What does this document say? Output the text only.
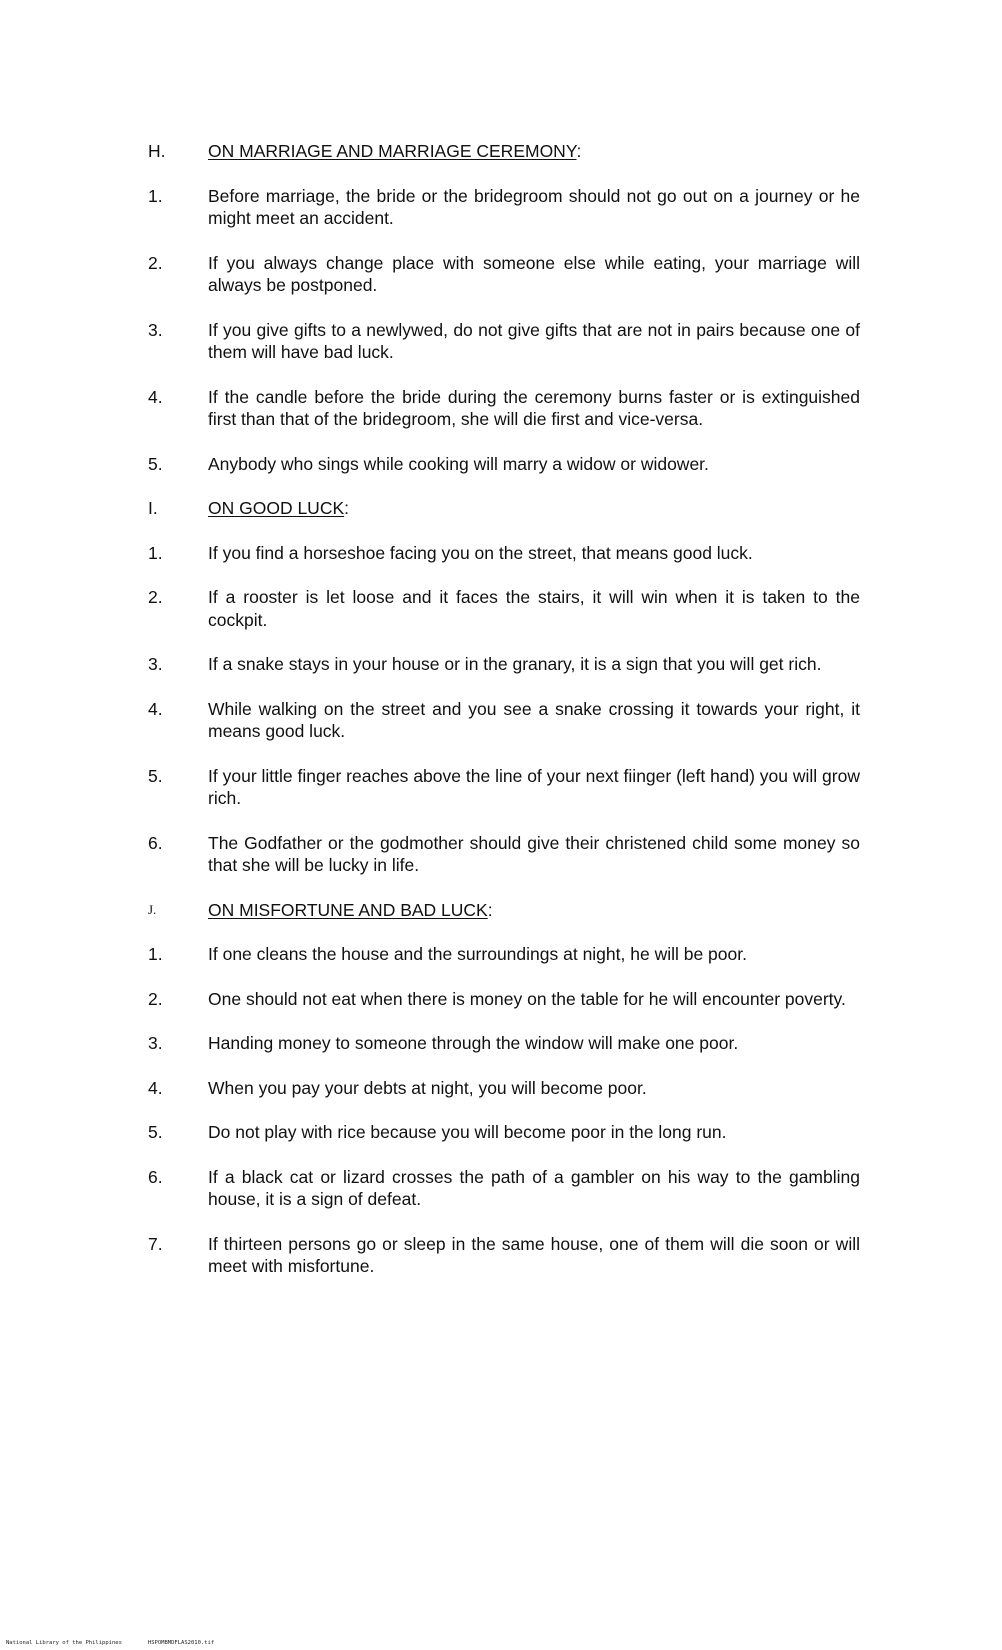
H.	ON MARRIAGE AND MARRIAGE CEREMONY:
1.	Before marriage, the bride or the bridegroom should not go out on a journey or he might meet an accident.
2.	If you always change place with someone else while eating, your marriage will always be postponed.
3.	If you give gifts to a newlywed, do not give gifts that are not in pairs because one of them will have bad luck.
4.	If the candle before the bride during the ceremony burns faster or is extinguished first than that of the bridegroom, she will die first and vice-versa.
5.	Anybody who sings while cooking will marry a widow or widower.
I.	ON GOOD LUCK:
1.	If you find a horseshoe facing you on the street, that means good luck.
2.	If a rooster is let loose and it faces the stairs, it will win when it is taken to the cockpit.
3.	If a snake stays in your house or in the granary, it is a sign that you will get rich.
4.	While walking on the street and you see a snake crossing it towards your right, it means good luck.
5.	If your little finger reaches above the line of your next fiinger (left hand) you will grow rich.
6.	The Godfather or the godmother should give their christened child some money so that she will be lucky in life.
J.	ON MISFORTUNE AND BAD LUCK:
1.	If one cleans the house and the surroundings at night, he will be poor.
2.	One should not eat when there is money on the table for he will encounter poverty.
3.	Handing money to someone through the window will make one poor.
4.	When you pay your debts at night, you will become poor.
5.	Do not play with rice because you will become poor in the long run.
6.	If a black cat or lizard crosses the path of a gambler on his way to the gambling house, it is a sign of defeat.
7.	If thirteen persons go or sleep in the same house, one of them will die soon or will meet with misfortune.
National Library of the Philippines	HSPOMBMDFLAS2010.tif
